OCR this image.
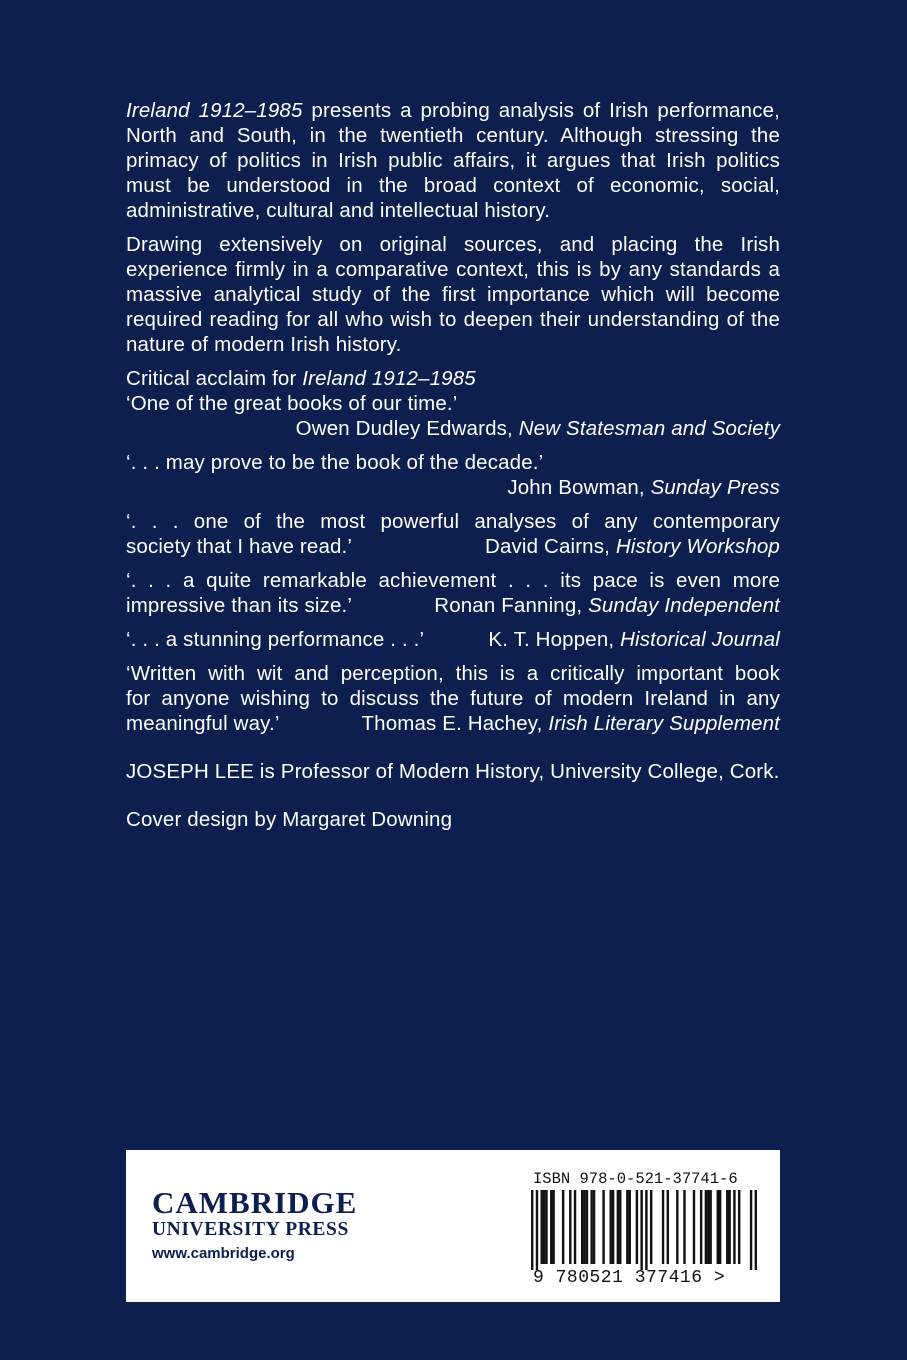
Ireland 1912–1985 presents a probing analysis of Irish performance, North and South, in the twentieth century. Although stressing the primacy of politics in Irish public affairs, it argues that Irish politics must be understood in the broad context of economic, social, administrative, cultural and intellectual history.

Drawing extensively on original sources, and placing the Irish experience firmly in a comparative context, this is by any standards a massive analytical study of the first importance which will become required reading for all who wish to deepen their understanding of the nature of modern Irish history.

Critical acclaim for Ireland 1912–1985

‘One of the great books of our time.’
Owen Dudley Edwards, New Statesman and Society
‘. . . may prove to be the book of the decade.’
John Bowman, Sunday Press
‘. . . one of the most powerful analyses of any contemporary
society that I have read.’	David Cairns, History Workshop
‘. . . a quite remarkable achievement . . . its pace is even more
impressive than its size.’	Ronan Fanning, Sunday Independent
‘. . . a stunning performance . . .’	K. T. Hoppen, Historical Journal
‘Written with wit and perception, this is a critically important book
for anyone wishing to discuss the future of modern Ireland in any
meaningful way.’	Thomas E. Hachey, Irish Literary Supplement

JOSEPH LEE is Professor of Modern History, University College, Cork.

Cover design by Margaret Downing

CAMBRIDGE
UNIVERSITY PRESS
www.cambridge.org
ISBN 978-0-521-37741-6
9 780521 377416 >
